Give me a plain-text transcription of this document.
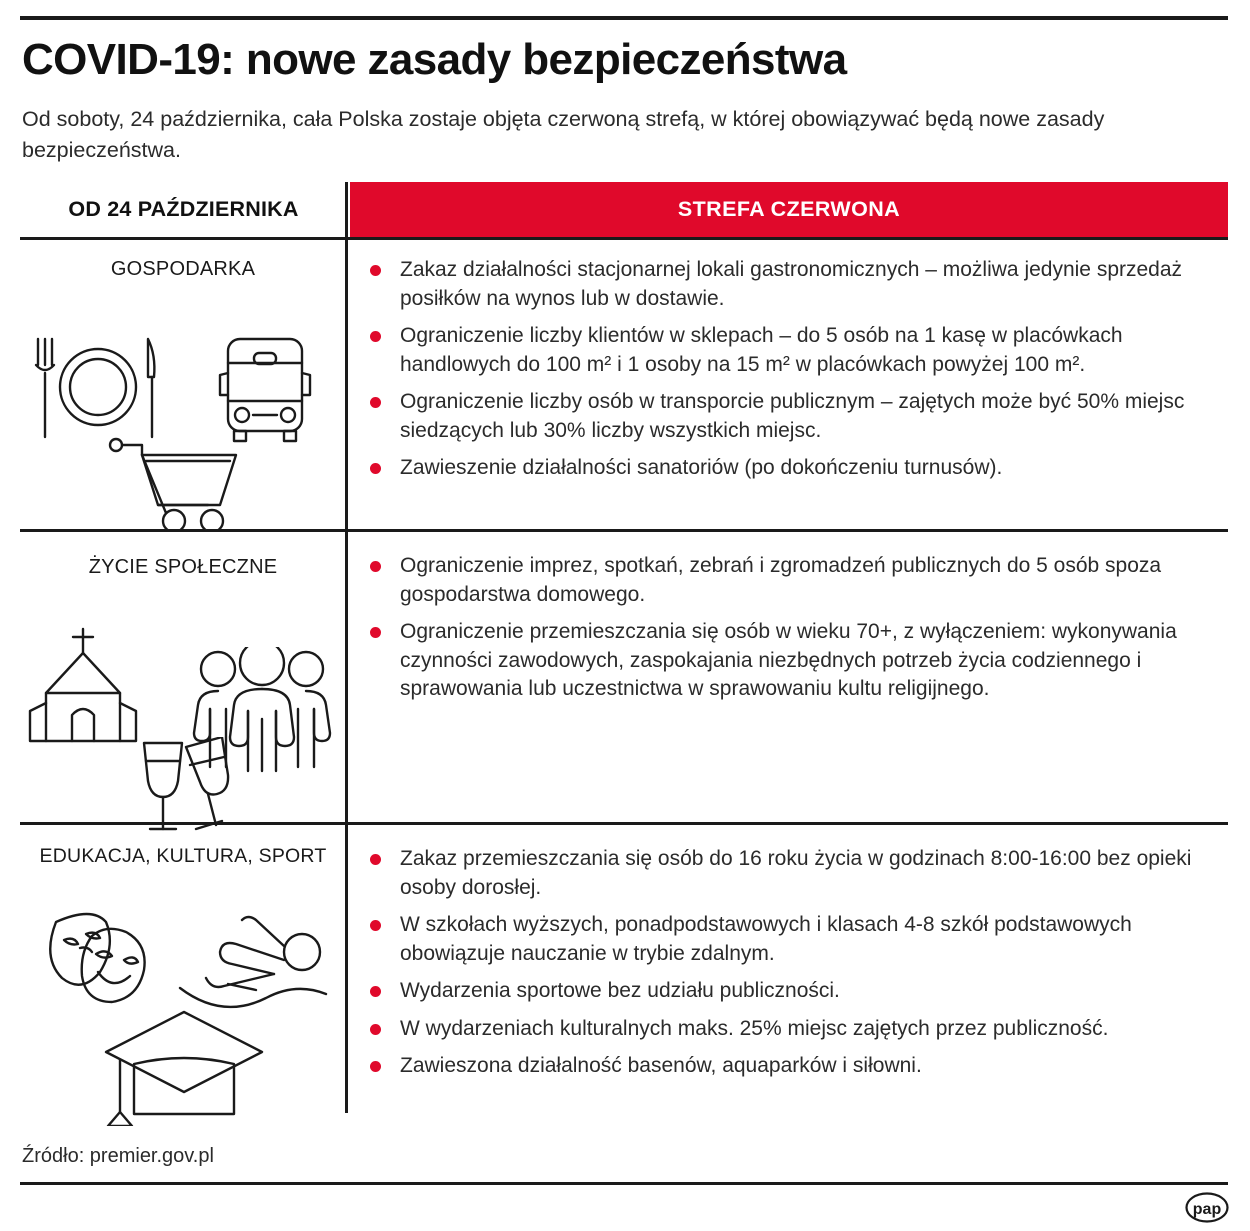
COVID-19: nowe zasady bezpieczeństwa
Od soboty, 24 października, cała Polska zostaje objęta czerwoną strefą, w której obowiązywać będą nowe zasady bezpieczeństwa.
OD 24 PAŹDZIERNIKA	STREFA CZERWONA
GOSPODARKA	Zakaz działalności stacjonarnej lokali gastronomicznych – możliwa jedynie sprzedaż posiłków na wynos lub w dostawie.
Ograniczenie liczby klientów w sklepach – do 5 osób na 1 kasę w placówkach handlowych do 100 m² i 1 osoby na 15 m² w placówkach powyżej 100 m².
Ograniczenie liczby osób w transporcie publicznym – zajętych może być 50% miejsc siedzących lub 30% liczby wszystkich miejsc.
Zawieszenie działalności sanatoriów (po dokończeniu turnusów).
ŻYCIE SPOŁECZNE	Ograniczenie imprez, spotkań, zebrań i zgromadzeń publicznych do 5 osób spoza gospodarstwa domowego.
Ograniczenie przemieszczania się osób w wieku 70+, z wyłączeniem: wykonywania czynności zawodowych, zaspokajania niezbędnych potrzeb życia codziennego i sprawowania lub uczestnictwa w sprawowaniu kultu religijnego.
EDUKACJA, KULTURA, SPORT	Zakaz przemieszczania się osób do 16 roku życia w godzinach 8:00-16:00 bez opieki osoby dorosłej.
W szkołach wyższych, ponadpodstawowych i klasach 4-8 szkół podstawowych obowiązuje nauczanie w trybie zdalnym.
Wydarzenia sportowe bez udziału publiczności.
W wydarzeniach kulturalnych maks. 25% miejsc zajętych przez publiczność.
Zawieszona działalność basenów, aquaparków i siłowni.
Źródło: premier.gov.pl
pap
